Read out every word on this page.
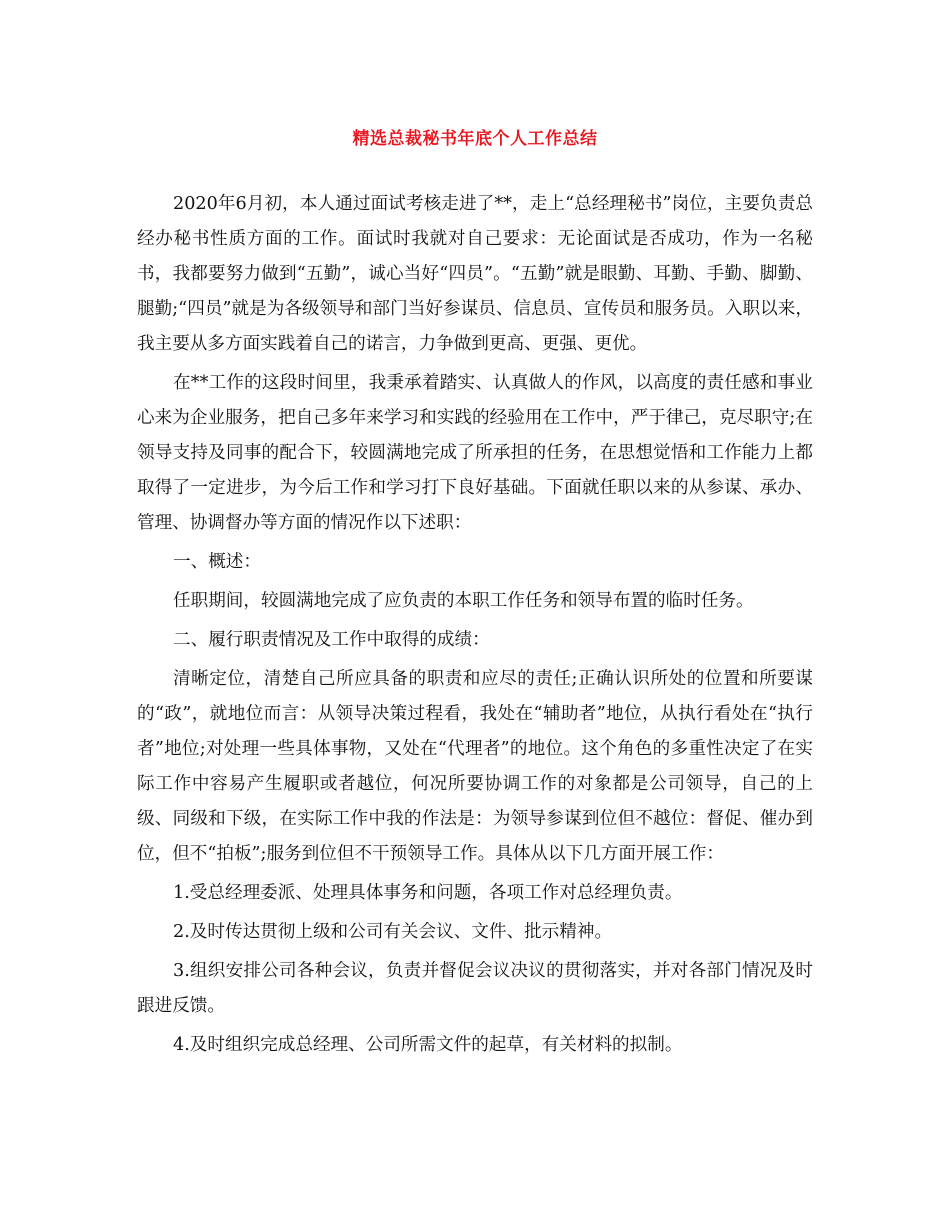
精选总裁秘书年底个人工作总结

2020年6月初，本人通过面试考核走进了**，走上“总经理秘书”岗位，主要负责总经办秘书性质方面的工作。面试时我就对自己要求：无论面试是否成功，作为一名秘书，我都要努力做到“五勤”，诚心当好“四员”。“五勤”就是眼勤、耳勤、手勤、脚勤、腿勤;“四员”就是为各级领导和部门当好参谋员、信息员、宣传员和服务员。入职以来，我主要从多方面实践着自己的诺言，力争做到更高、更强、更优。

在**工作的这段时间里，我秉承着踏实、认真做人的作风，以高度的责任感和事业心来为企业服务，把自己多年来学习和实践的经验用在工作中，严于律己，克尽职守;在领导支持及同事的配合下，较圆满地完成了所承担的任务，在思想觉悟和工作能力上都取得了一定进步，为今后工作和学习打下良好基础。下面就任职以来的从参谋、承办、管理、协调督办等方面的情况作以下述职：

一、概述：

任职期间，较圆满地完成了应负责的本职工作任务和领导布置的临时任务。

二、履行职责情况及工作中取得的成绩：

清晰定位，清楚自己所应具备的职责和应尽的责任;正确认识所处的位置和所要谋的“政”，就地位而言：从领导决策过程看，我处在“辅助者”地位，从执行看处在“执行者”地位;对处理一些具体事物，又处在“代理者”的地位。这个角色的多重性决定了在实际工作中容易产生履职或者越位，何况所要协调工作的对象都是公司领导，自己的上级、同级和下级，在实际工作中我的作法是：为领导参谋到位但不越位：督促、催办到位，但不“拍板”;服务到位但不干预领导工作。具体从以下几方面开展工作：

1.受总经理委派、处理具体事务和问题，各项工作对总经理负责。

2.及时传达贯彻上级和公司有关会议、文件、批示精神。

3.组织安排公司各种会议，负责并督促会议决议的贯彻落实，并对各部门情况及时跟进反馈。

4.及时组织完成总经理、公司所需文件的起草，有关材料的拟制。
